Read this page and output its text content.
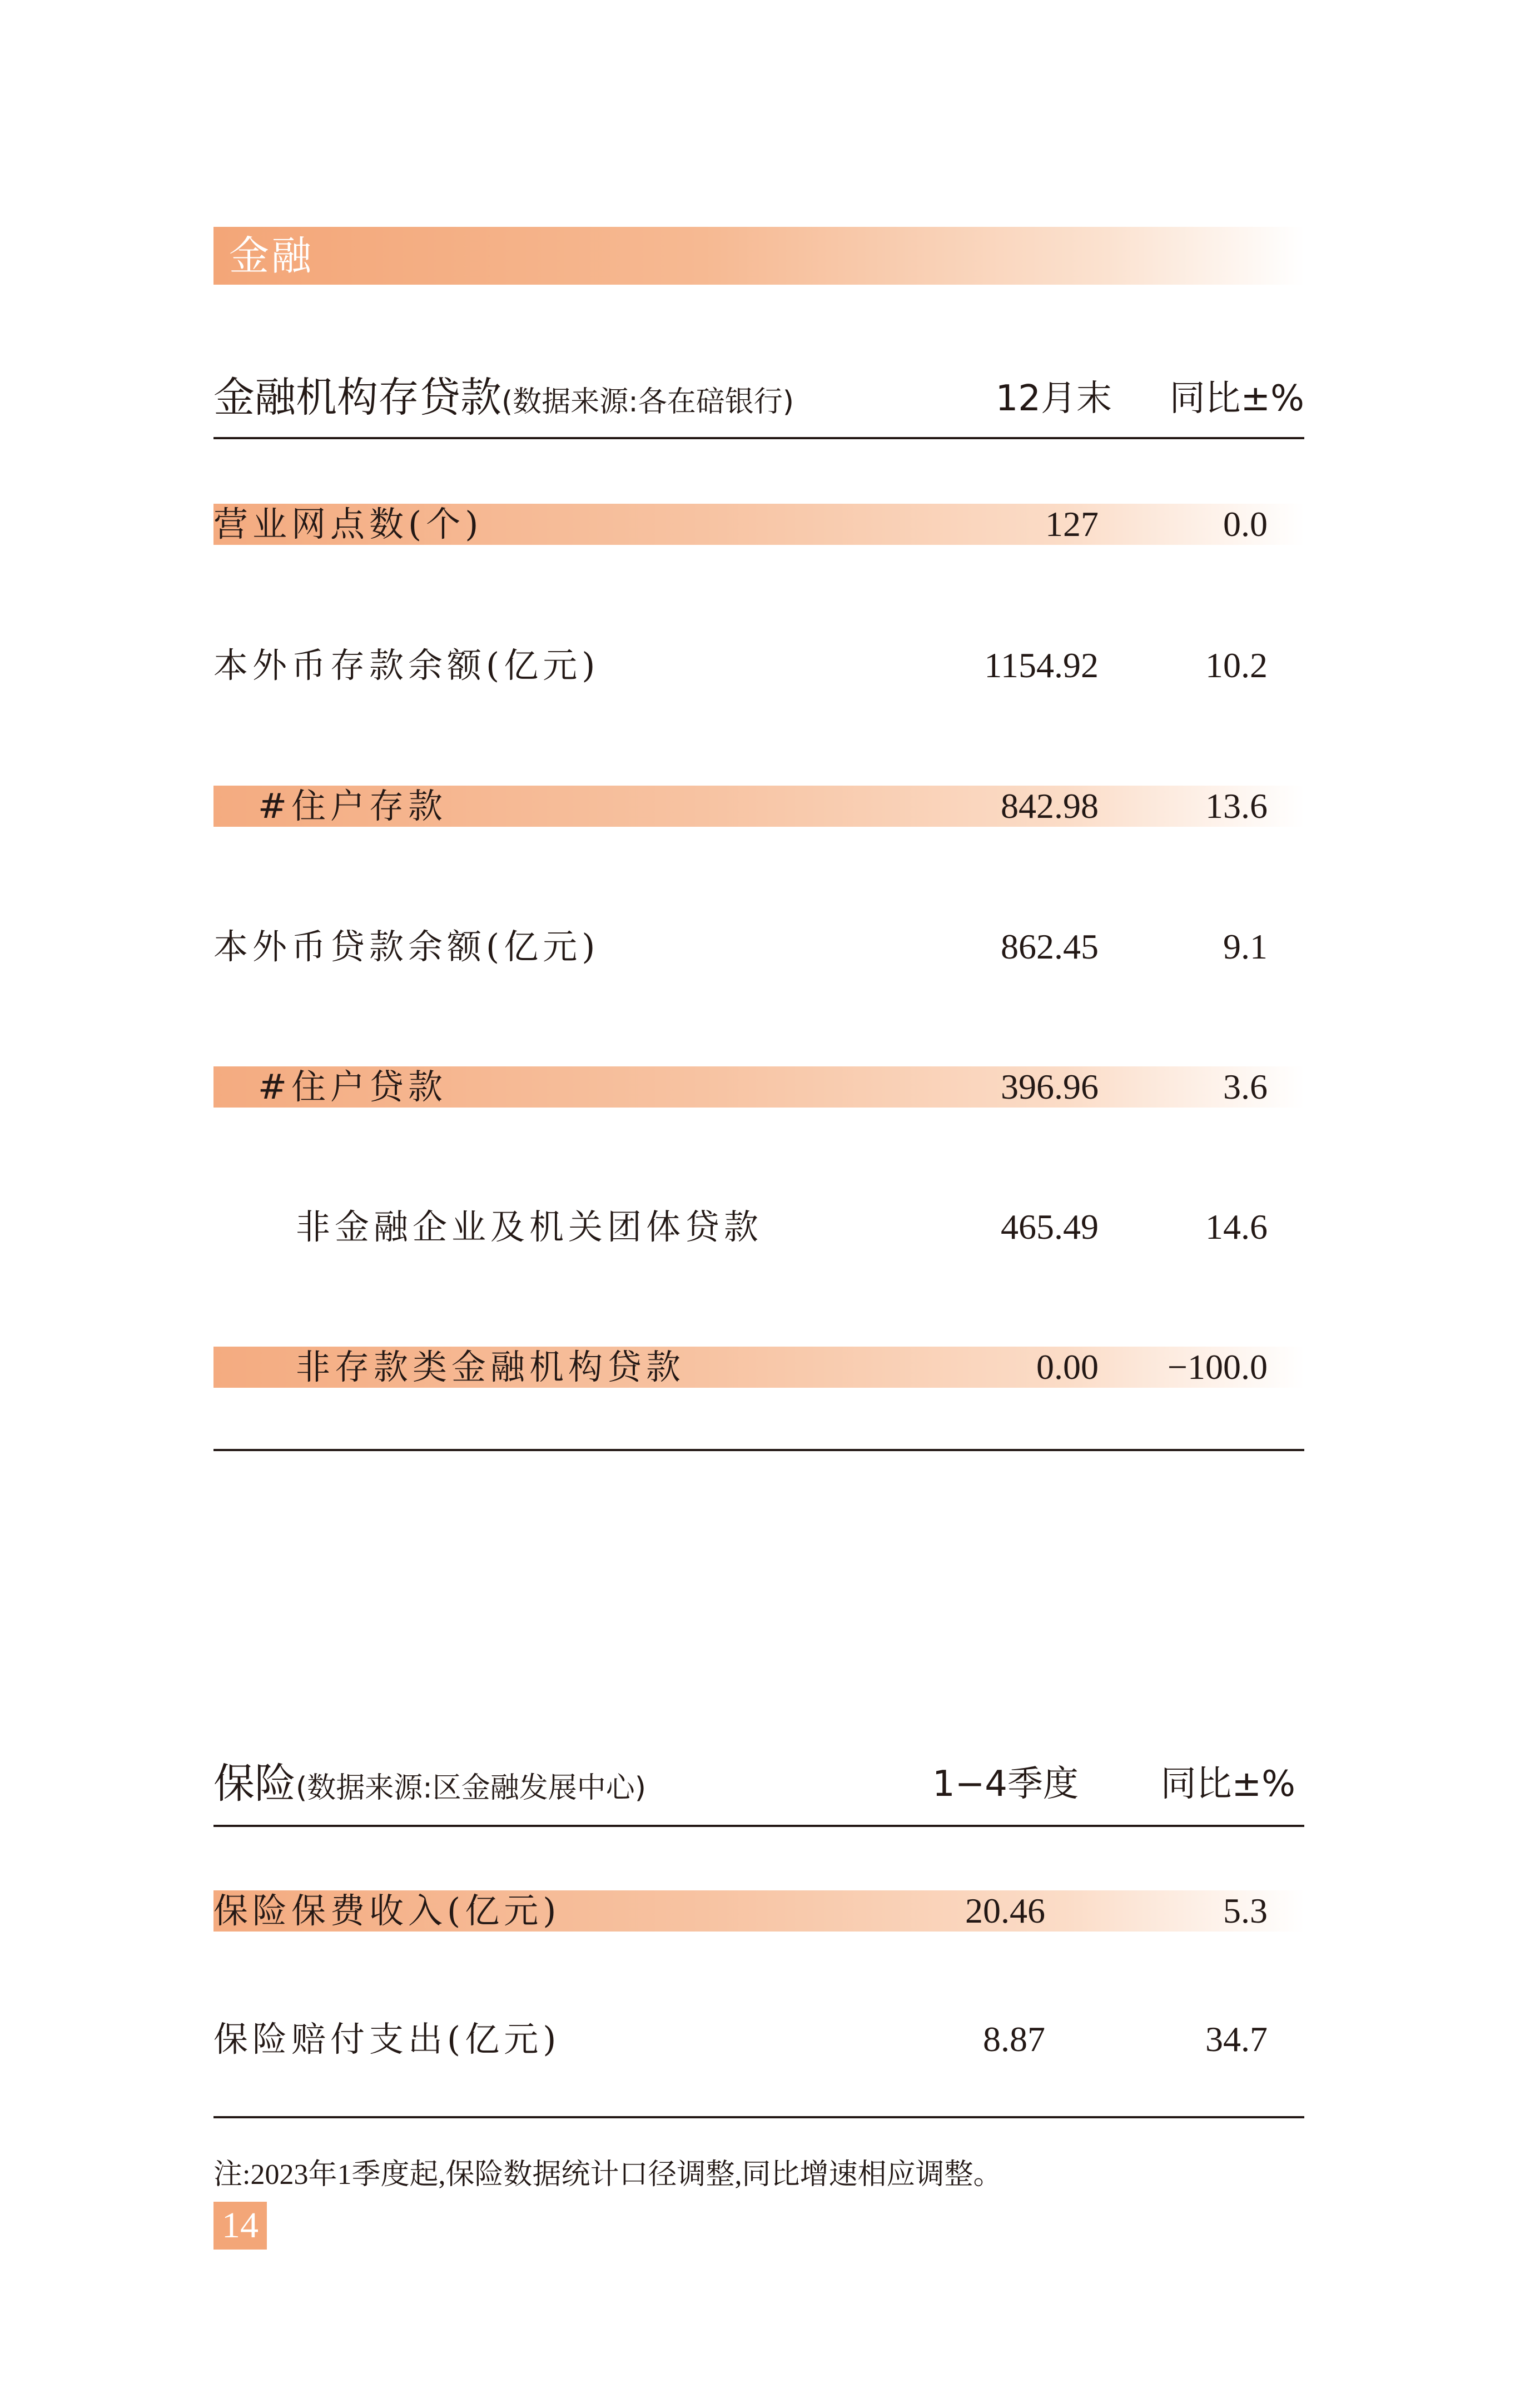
金融
金融机构存贷款(数据来源:各在碚银行)	12月末	同比±%
营业网点数(个)	127	0.0
本外币存款余额(亿元)	1154.92	10.2
#住户存款	842.98	13.6
本外币贷款余额(亿元)	862.45	9.1
#住户贷款	396.96	3.6
非金融企业及机关团体贷款	465.49	14.6
非存款类金融机构贷款	0.00	−100.0
保险(数据来源:区金融发展中心)	1−4季度	同比±%
保险保费收入(亿元)	20.46	5.3
保险赔付支出(亿元)	8.87	34.7
注:2023年1季度起,保险数据统计口径调整,同比增速相应调整。
14
